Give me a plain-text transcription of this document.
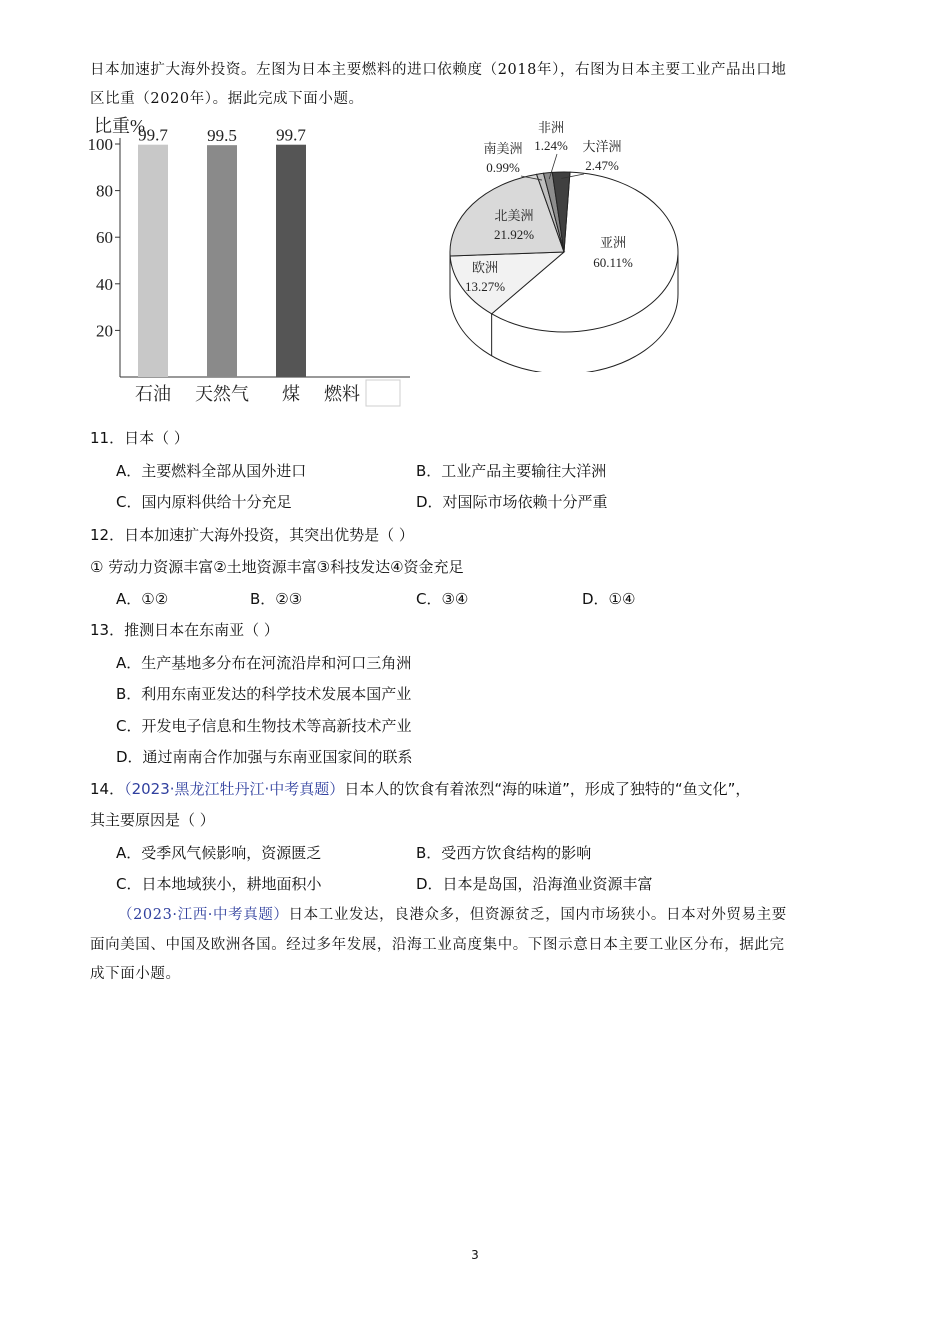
日本加速扩大海外投资。左图为日本主要燃料的进口依赖度（2018年），右图为日本主要工业产品出口地
区比重（2020年）。据此完成下面小题。
比重%
20
40
60
80
100 99.7
石油
99.5
天然气
99.7
煤 燃料
亚洲
60.11%
欧洲
13.27%
北美洲
21.92%
南美洲
0.99%
非洲
1.24% 大洋洲
2.47%
11．日本（ ）
A．主要燃料全部从国外进口	B．工业产品主要输往大洋洲
C．国内原料供给十分充足	D．对国际市场依赖十分严重
12．日本加速扩大海外投资，其突出优势是（ ）
① 劳动力资源丰富②土地资源丰富③科技发达④资金充足
A．①②	B．②③	C．③④	D．①④
13．推测日本在东南亚（ ）
A．生产基地多分布在河流沿岸和河口三角洲
B．利用东南亚发达的科学技术发展本国产业
C．开发电子信息和生物技术等高新技术产业
D．通过南南合作加强与东南亚国家间的联系
14．（2023·黑龙江牡丹江·中考真题）日本人的饮食有着浓烈“海的味道”，形成了独特的“鱼文化”，
其主要原因是（ ）
A．受季风气候影响，资源匮乏	B．受西方饮食结构的影响
C．日本地域狭小，耕地面积小	D．日本是岛国，沿海渔业资源丰富
（2023·江西·中考真题）日本工业发达，良港众多，但资源贫乏，国内市场狭小。日本对外贸易主要
面向美国、中国及欧洲各国。经过多年发展，沿海工业高度集中。下图示意日本主要工业区分布，据此完
成下面小题。
3
